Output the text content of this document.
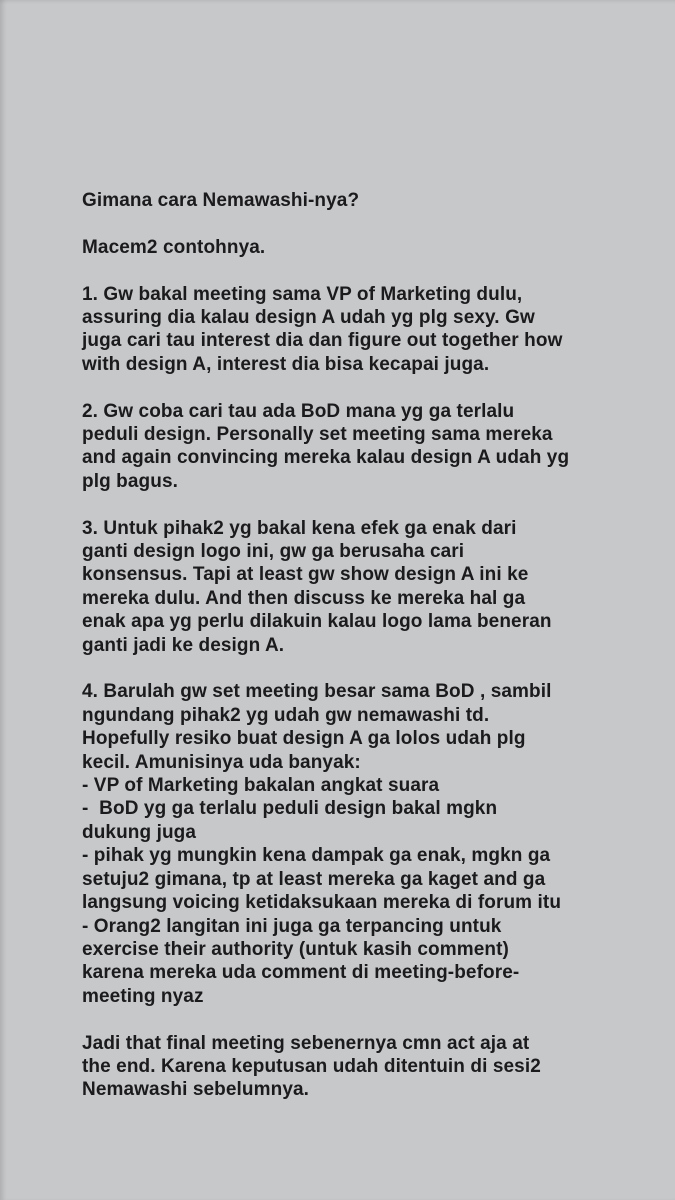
Gimana cara Nemawashi-nya?
Macem2 contohnya.
1. Gw bakal meeting sama VP of Marketing dulu,
assuring dia kalau design A udah yg plg sexy. Gw
juga cari tau interest dia dan figure out together how
with design A, interest dia bisa kecapai juga.
2. Gw coba cari tau ada BoD mana yg ga terlalu
peduli design. Personally set meeting sama mereka
and again convincing mereka kalau design A udah yg
plg bagus.
3. Untuk pihak2 yg bakal kena efek ga enak dari
ganti design logo ini, gw ga berusaha cari
konsensus. Tapi at least gw show design A ini ke
mereka dulu. And then discuss ke mereka hal ga
enak apa yg perlu dilakuin kalau logo lama beneran
ganti jadi ke design A.
4. Barulah gw set meeting besar sama BoD , sambil
ngundang pihak2 yg udah gw nemawashi td.
Hopefully resiko buat design A ga lolos udah plg
kecil. Amunisinya uda banyak:
- VP of Marketing bakalan angkat suara
-  BoD yg ga terlalu peduli design bakal mgkn
dukung juga
- pihak yg mungkin kena dampak ga enak, mgkn ga
setuju2 gimana, tp at least mereka ga kaget and ga
langsung voicing ketidaksukaan mereka di forum itu
- Orang2 langitan ini juga ga terpancing untuk
exercise their authority (untuk kasih comment)
karena mereka uda comment di meeting-before-
meeting nyaz
Jadi that final meeting sebenernya cmn act aja at
the end. Karena keputusan udah ditentuin di sesi2
Nemawashi sebelumnya.
